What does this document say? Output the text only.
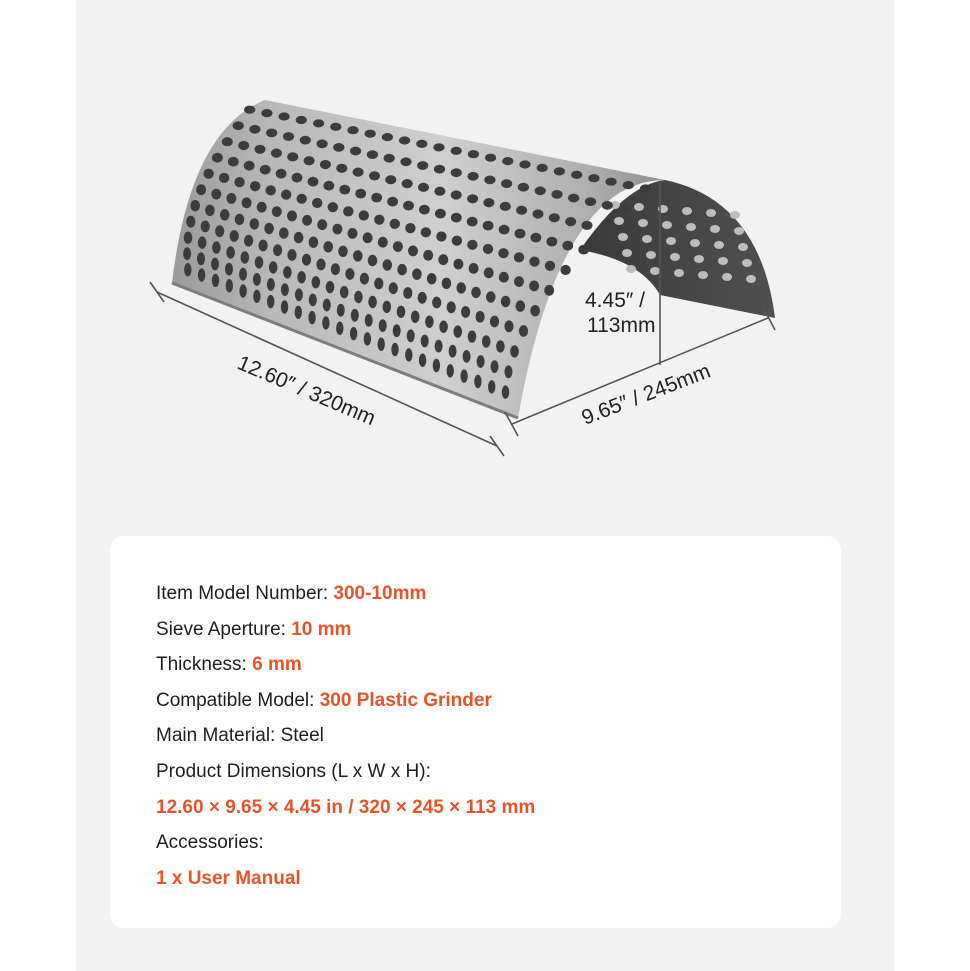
12.60″ / 320mm	9.65″ / 245mm
4.45″ /
113mm
Item Model Number: 300-10mm
Sieve Aperture: 10 mm
Thickness: 6 mm
Compatible Model: 300 Plastic Grinder
Main Material: Steel
Product Dimensions (L x W x H):
12.60 × 9.65 × 4.45 in / 320 × 245 × 113 mm
Accessories:
1 x User Manual
